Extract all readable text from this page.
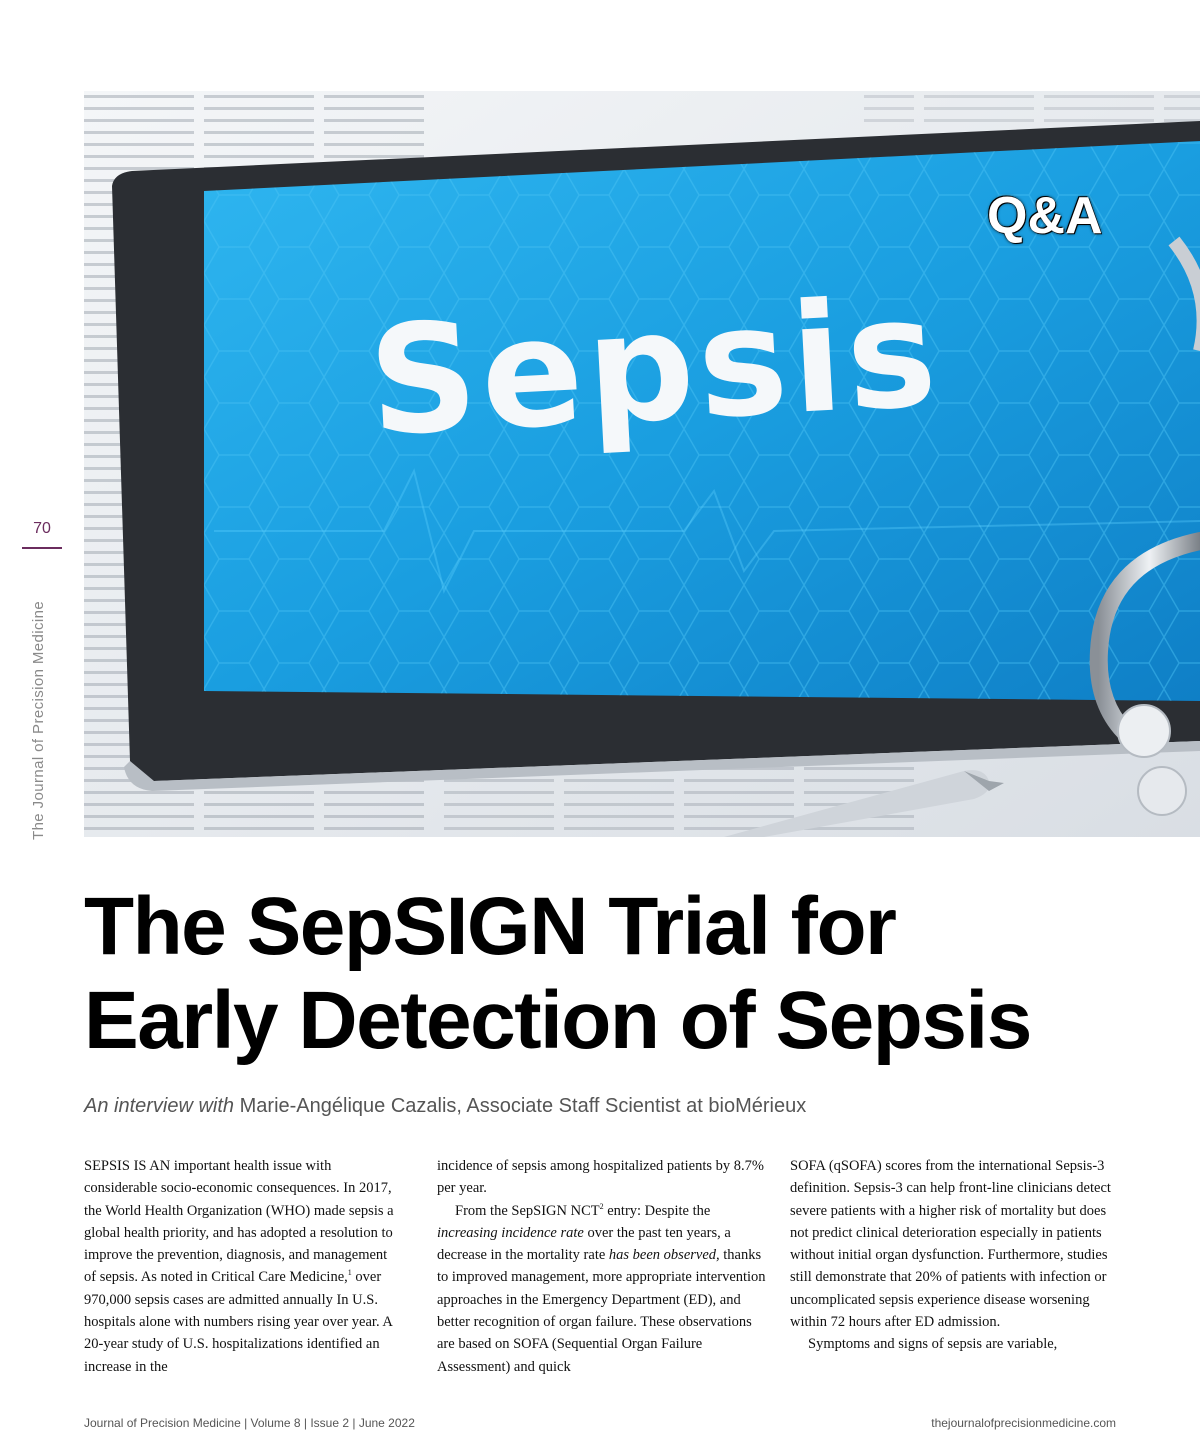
Q&A
Sepsis
70
The Journal of Precision Medicine
The SepSIGN Trial for
Early Detection of Sepsis
An interview with Marie-Angélique Cazalis, Associate Staff Scientist at bioMérieux

SEPSIS IS AN important health issue with considerable socio-economic consequences. In 2017, the World Health Organization (WHO) made sepsis a global health priority, and has adopted a resolution to improve the prevention, diagnosis, and management of sepsis. As noted in Critical Care Medicine,$^1$ over 970,000 sepsis cases are admitted annually In U.S. hospitals alone with numbers rising year over year. A 20-year study of U.S. hospitalizations identified an increase in the

incidence of sepsis among hospitalized patients by 8.7% per year.

From the SepSIGN NCT$^2$ entry: Despite the increasing incidence rate over the past ten years, a decrease in the mortality rate has been observed, thanks to improved management, more appropriate intervention approaches in the Emergency Department (ED), and better recognition of organ failure. These observations are based on SOFA (Sequential Organ Failure Assessment) and quick

SOFA (qSOFA) scores from the international Sepsis-3 definition. Sepsis-3 can help front-line clinicians detect severe patients with a higher risk of mortality but does not predict clinical deterioration especially in patients without initial organ dysfunction. Furthermore, studies still demonstrate that 20% of patients with infection or uncomplicated sepsis experience disease worsening within 72 hours after ED admission.

Symptoms and signs of sepsis are variable,

Journal of Precision Medicine | Volume 8 | Issue 2 | June 2022	thejournalofprecisionmedicine.com
